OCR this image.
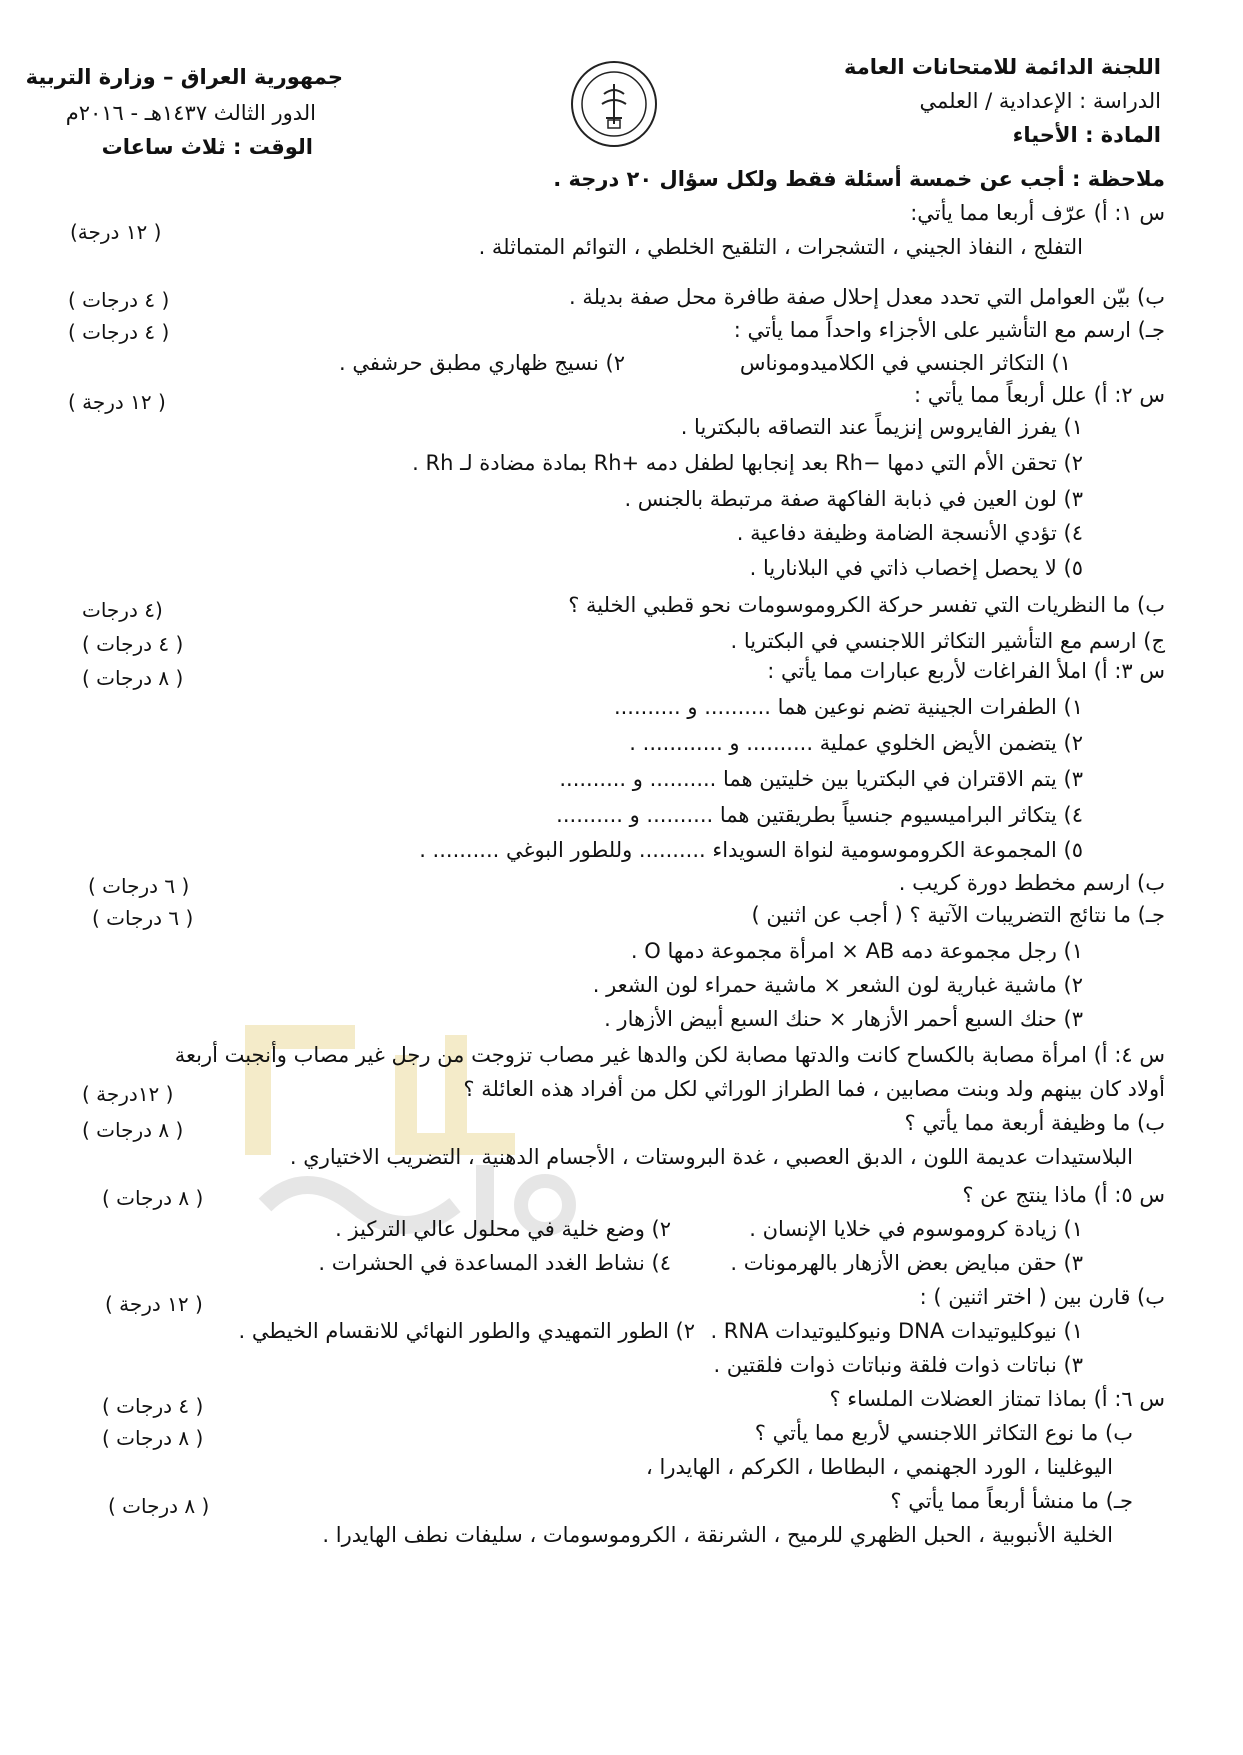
اللجنة الدائمة للامتحانات العامة
الدراسة : الإعدادية / العلمي
المادة : الأحياء
جمهورية العراق – وزارة التربية
الدور الثالث ١٤٣٧هـ - ٢٠١٦م
الوقت : ثلاث ساعات
ملاحظة : أجب عن خمسة أسئلة فقط ولكل سؤال ٢٠ درجة .
س ١: أ) عرّف أربعا مما يأتي:
( ١٢ درجة)
التفلج ، النفاذ الجيني ، التشجرات ، التلقيح الخلطي ، التوائم المتماثلة .
ب) بيّن العوامل التي تحدد معدل إحلال صفة طافرة محل صفة بديلة .
( ٤ درجات )
جـ) ارسم مع التأشير على الأجزاء واحداً مما يأتي :
( ٤ درجات )
١) التكاثر الجنسي في الكلاميدوموناس
٢) نسيج ظهاري مطبق حرشفي .
س ٢: أ) علل أربعاً مما يأتي :
( ١٢ درجة )
١) يفرز الفايروس إنزيماً عند التصاقه بالبكتريا .
٢) تحقن الأم التي دمها −Rh بعد إنجابها لطفل دمه +Rh بمادة مضادة لـ Rh .
٣) لون العين في ذبابة الفاكهة صفة مرتبطة بالجنس .
٤) تؤدي الأنسجة الضامة وظيفة دفاعية .
٥) لا يحصل إخصاب ذاتي في البلاناريا .
ب) ما النظريات التي تفسر حركة الكروموسومات نحو قطبي الخلية ؟
(٤ درجات
ج) ارسم مع التأشير التكاثر اللاجنسي في البكتريا .
( ٤ درجات )
( ٨ درجات )	س ٣: أ) املأ الفراغات لأربع عبارات مما يأتي :
١) الطفرات الجينية تضم نوعين هما .......... و ..........
٢) يتضمن الأيض الخلوي عملية .......... و ............ .
٣) يتم الاقتران في البكتريا بين خليتين هما .......... و ..........
٤) يتكاثر البراميسيوم جنسياً بطريقتين هما .......... و ..........
٥) المجموعة الكروموسومية لنواة السويداء .......... وللطور البوغي .......... .
ب) ارسم مخطط دورة كريب .
( ٦ درجات )
جـ) ما نتائج التضريبات الآتية ؟ ( أجب عن اثنين )
( ٦ درجات )
١) رجل مجموعة دمه AB × امرأة مجموعة دمها O .
٢) ماشية غبارية لون الشعر × ماشية حمراء لون الشعر .
٣) حنك السبع أحمر الأزهار × حنك السبع أبيض الأزهار .
س ٤: أ) امرأة مصابة بالكساح كانت والدتها مصابة لكن والدها غير مصاب تزوجت من رجل غير مصاب وأنجبت أربعة
أولاد كان بينهم ولد وبنت مصابين ، فما الطراز الوراثي لكل من أفراد هذه العائلة ؟
( ١٢درجة )
ب) ما وظيفة أربعة مما يأتي ؟
( ٨ درجات )
البلاستيدات عديمة اللون ، الدبق العصبي ، غدة البروستات ، الأجسام الدهنية ، التضريب الاختياري .
س ٥: أ) ماذا ينتج عن ؟
( ٨ درجات )
١) زيادة كروموسوم في خلايا الإنسان .
٢) وضع خلية في محلول عالي التركيز .
٣) حقن مبايض بعض الأزهار بالهرمونات .
٤) نشاط الغدد المساعدة في الحشرات .
ب) قارن بين ( اختر اثنين ) :
( ١٢ درجة )
١) نيوكليوتيدات DNA ونيوكليوتيدات RNA .
٢) الطور التمهيدي والطور النهائي للانقسام الخيطي .
٣) نباتات ذوات فلقة ونباتات ذوات فلقتين .
س ٦: أ) بماذا تمتاز العضلات الملساء ؟
( ٤ درجات )
ب) ما نوع التكاثر اللاجنسي لأربع مما يأتي ؟
( ٨ درجات )
اليوغلينا ، الورد الجهنمي ، البطاطا ، الكركم ، الهايدرا ،
جـ) ما منشأ أربعاً مما يأتي ؟
( ٨ درجات )
الخلية الأنبوبية ، الحبل الظهري للرميح ، الشرنقة ، الكروموسومات ، سليفات نطف الهايدرا .
